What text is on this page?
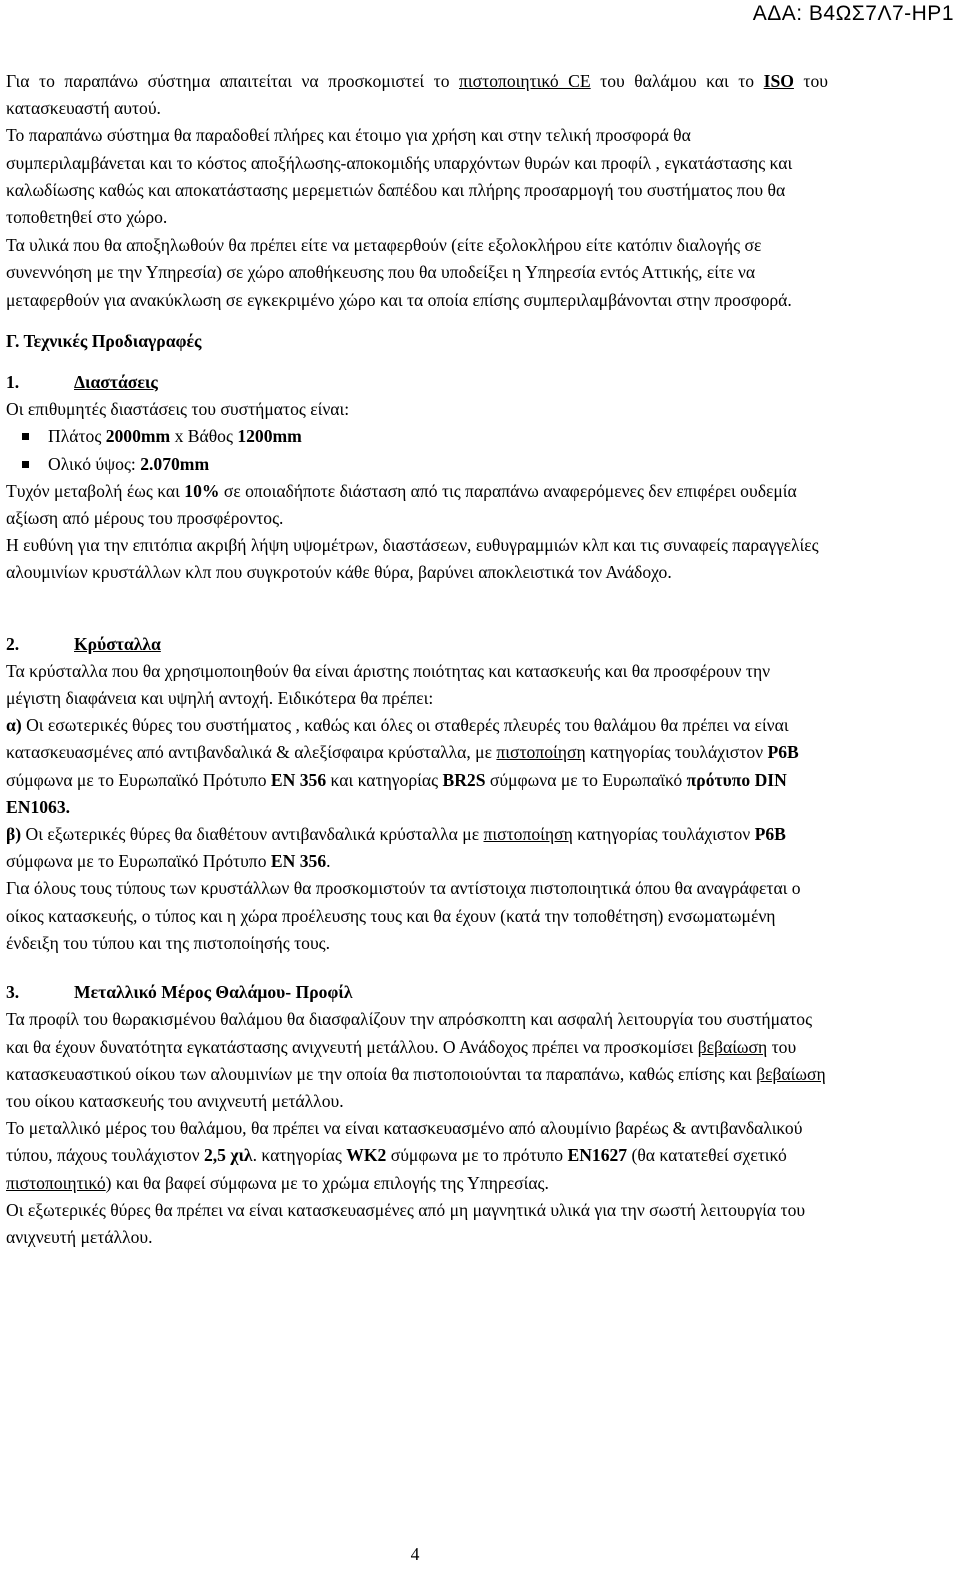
ΑΔΑ: Β4ΩΣ7Λ7-ΗΡ1

Για το παραπάνω σύστημα απαιτείται να προσκομιστεί το πιστοποιητικό CE του θαλάμου και το ISO του κατασκευαστή αυτού.

Το παραπάνω σύστημα θα παραδοθεί πλήρες και έτοιμο για χρήση και στην τελική προσφορά θα συμπεριλαμβάνεται και το κόστος αποξήλωσης-αποκομιδής υπαρχόντων θυρών και προφίλ , εγκατάστασης και καλωδίωσης καθώς και αποκατάστασης μερεμετιών δαπέδου και πλήρης προσαρμογή του συστήματος που θα τοποθετηθεί στο χώρο.

Τα υλικά που θα αποξηλωθούν θα πρέπει είτε να μεταφερθούν (είτε εξολοκλήρου είτε κατόπιν διαλογής σε συνεννόηση με την Υπηρεσία) σε χώρο αποθήκευσης που θα υποδείξει η Υπηρεσία εντός Αττικής, είτε να μεταφερθούν για ανακύκλωση σε εγκεκριμένο χώρο και τα οποία επίσης συμπεριλαμβάνονται στην προσφορά.

Γ. Τεχνικές Προδιαγραφές

1.	Διαστάσεις

Οι επιθυμητές διαστάσεις του συστήματος είναι:

Πλάτος 2000mm x Βάθος 1200mm
Ολικό ύψος: 2.070mm

Τυχόν μεταβολή έως και 10% σε οποιαδήποτε διάσταση από τις παραπάνω αναφερόμενες δεν επιφέρει ουδεμία αξίωση από μέρους του προσφέροντος.

Η ευθύνη για την επιτόπια ακριβή λήψη υψομέτρων, διαστάσεων, ευθυγραμμιών κλπ και τις συναφείς παραγγελίες αλουμινίων κρυστάλλων κλπ που συγκροτούν κάθε θύρα, βαρύνει αποκλειστικά τον Ανάδοχο.

2.	Κρύσταλλα

Τα κρύσταλλα που θα χρησιμοποιηθούν θα είναι άριστης ποιότητας και κατασκευής και θα προσφέρουν την μέγιστη διαφάνεια και υψηλή αντοχή. Ειδικότερα θα πρέπει:

α) Οι εσωτερικές θύρες του συστήματος , καθώς και όλες οι σταθερές πλευρές του θαλάμου θα πρέπει να είναι κατασκευασμένες από αντιβανδαλικά & αλεξίσφαιρα κρύσταλλα, με πιστοποίηση κατηγορίας τουλάχιστον P6B σύμφωνα με το Ευρωπαϊκό Πρότυπο EN 356 και κατηγορίας BR2S σύμφωνα με το Ευρωπαϊκό πρότυπο DIN EN1063.

β) Οι εξωτερικές θύρες θα διαθέτουν αντιβανδαλικά κρύσταλλα με πιστοποίηση κατηγορίας τουλάχιστον P6B σύμφωνα με το Ευρωπαϊκό Πρότυπο EN 356.

Για όλους τους τύπους των κρυστάλλων θα προσκομιστούν τα αντίστοιχα πιστοποιητικά όπου θα αναγράφεται ο οίκος κατασκευής, ο τύπος και η χώρα προέλευσης τους και θα έχουν (κατά την τοποθέτηση) ενσωματωμένη ένδειξη του τύπου και της πιστοποίησής τους.

3.	Μεταλλικό Μέρος Θαλάμου- Προφίλ

Τα προφίλ του θωρακισμένου θαλάμου θα διασφαλίζουν την απρόσκοπτη και ασφαλή λειτουργία του συστήματος και θα έχουν δυνατότητα εγκατάστασης ανιχνευτή μετάλλου. Ο Ανάδοχος πρέπει να προσκομίσει βεβαίωση του κατασκευαστικού οίκου των αλουμινίων με την οποία θα πιστοποιούνται τα παραπάνω, καθώς επίσης και βεβαίωση του οίκου κατασκευής του ανιχνευτή μετάλλου.

Το μεταλλικό μέρος του θαλάμου, θα πρέπει να είναι κατασκευασμένο από αλουμίνιο βαρέως & αντιβανδαλικού τύπου, πάχους τουλάχιστον 2,5 χιλ. κατηγορίας WK2 σύμφωνα με το πρότυπο EN1627 (θα κατατεθεί σχετικό πιστοποιητικό) και θα βαφεί σύμφωνα με το χρώμα επιλογής της Υπηρεσίας.

Οι εξωτερικές θύρες θα πρέπει να είναι κατασκευασμένες από μη μαγνητικά υλικά για την σωστή λειτουργία του ανιχνευτή μετάλλου.

4
